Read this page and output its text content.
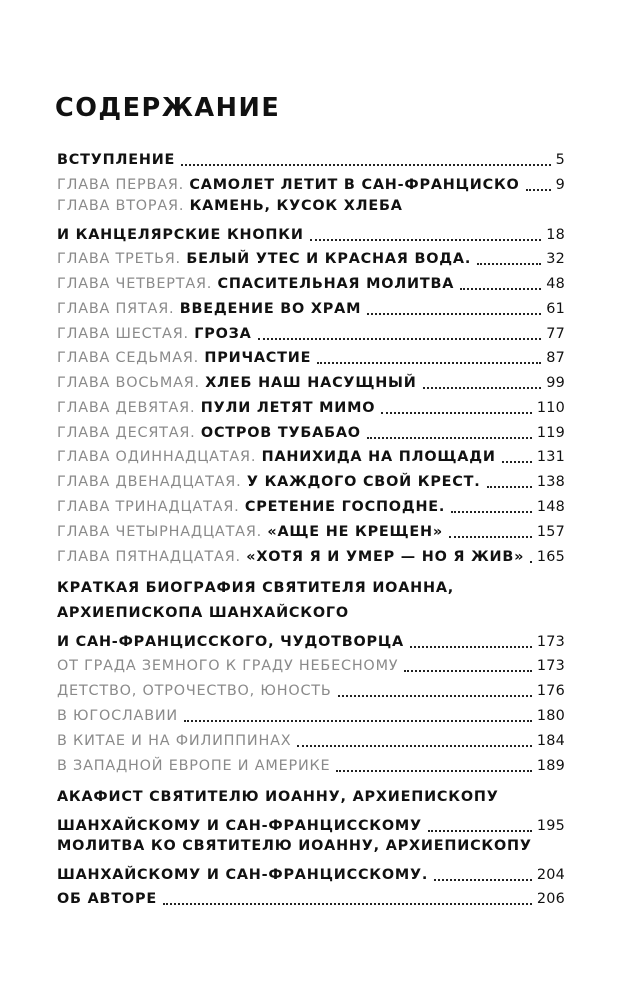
СОДЕРЖАНИЕ
ВСТУПЛЕНИЕ	5
ГЛАВА ПЕРВАЯ.
САМОЛЕТ ЛЕТИТ В САН-ФРАНЦИСКО	9
ГЛАВА ВТОРАЯ. КАМЕНЬ, КУСОК ХЛЕБА
И КАНЦЕЛЯРСКИЕ КНОПКИ	18
ГЛАВА ТРЕТЬЯ.
БЕЛЫЙ УТЕС И КРАСНАЯ ВОДА.	32
ГЛАВА ЧЕТВЕРТАЯ.
СПАСИТЕЛЬНАЯ МОЛИТВА	48
ГЛАВА ПЯТАЯ.
ВВЕДЕНИЕ ВО ХРАМ	61
ГЛАВА ШЕСТАЯ.
ГРОЗА	77
ГЛАВА СЕДЬМАЯ.
ПРИЧАСТИЕ	87
ГЛАВА ВОСЬМАЯ.
ХЛЕБ НАШ НАСУЩНЫЙ	99
ГЛАВА ДЕВЯТАЯ.
ПУЛИ ЛЕТЯТ МИМО	110
ГЛАВА ДЕСЯТАЯ.
ОСТРОВ ТУБАБАО	119
ГЛАВА ОДИННАДЦАТАЯ.
ПАНИХИДА НА ПЛОЩАДИ	131
ГЛАВА ДВЕНАДЦАТАЯ.
У КАЖДОГО СВОЙ КРЕСТ.	138
ГЛАВА ТРИНАДЦАТАЯ.
СРЕТЕНИЕ ГОСПОДНЕ.	148
ГЛАВА ЧЕТЫРНАДЦАТАЯ.
«АЩЕ НЕ КРЕЩЕН»	157
ГЛАВА ПЯТНАДЦАТАЯ.
«ХОТЯ Я И УМЕР — НО Я ЖИВ» 165
КРАТКАЯ БИОГРАФИЯ СВЯТИТЕЛЯ ИОАННА,
АРХИЕПИСКОПА ШАНХАЙСКОГО
И САН-ФРАНЦИССКОГО, ЧУДОТВОРЦА	173
ОТ ГРАДА ЗЕМНОГО К ГРАДУ НЕБЕСНОМУ	173
ДЕТСТВО, ОТРОЧЕСТВО, ЮНОСТЬ	176
В ЮГОСЛАВИИ	180
В КИТАЕ И НА ФИЛИППИНАХ	184
В ЗАПАДНОЙ ЕВРОПЕ И АМЕРИКЕ	189
АКАФИСТ СВЯТИТЕЛЮ ИОАННУ, АРХИЕПИСКОПУ
ШАНХАЙСКОМУ И САН-ФРАНЦИССКОМУ	195
МОЛИТВА КО СВЯТИТЕЛЮ ИОАННУ, АРХИЕПИСКОПУ
ШАНХАЙСКОМУ И САН-ФРАНЦИССКОМУ.	204
ОБ АВТОРЕ	206
